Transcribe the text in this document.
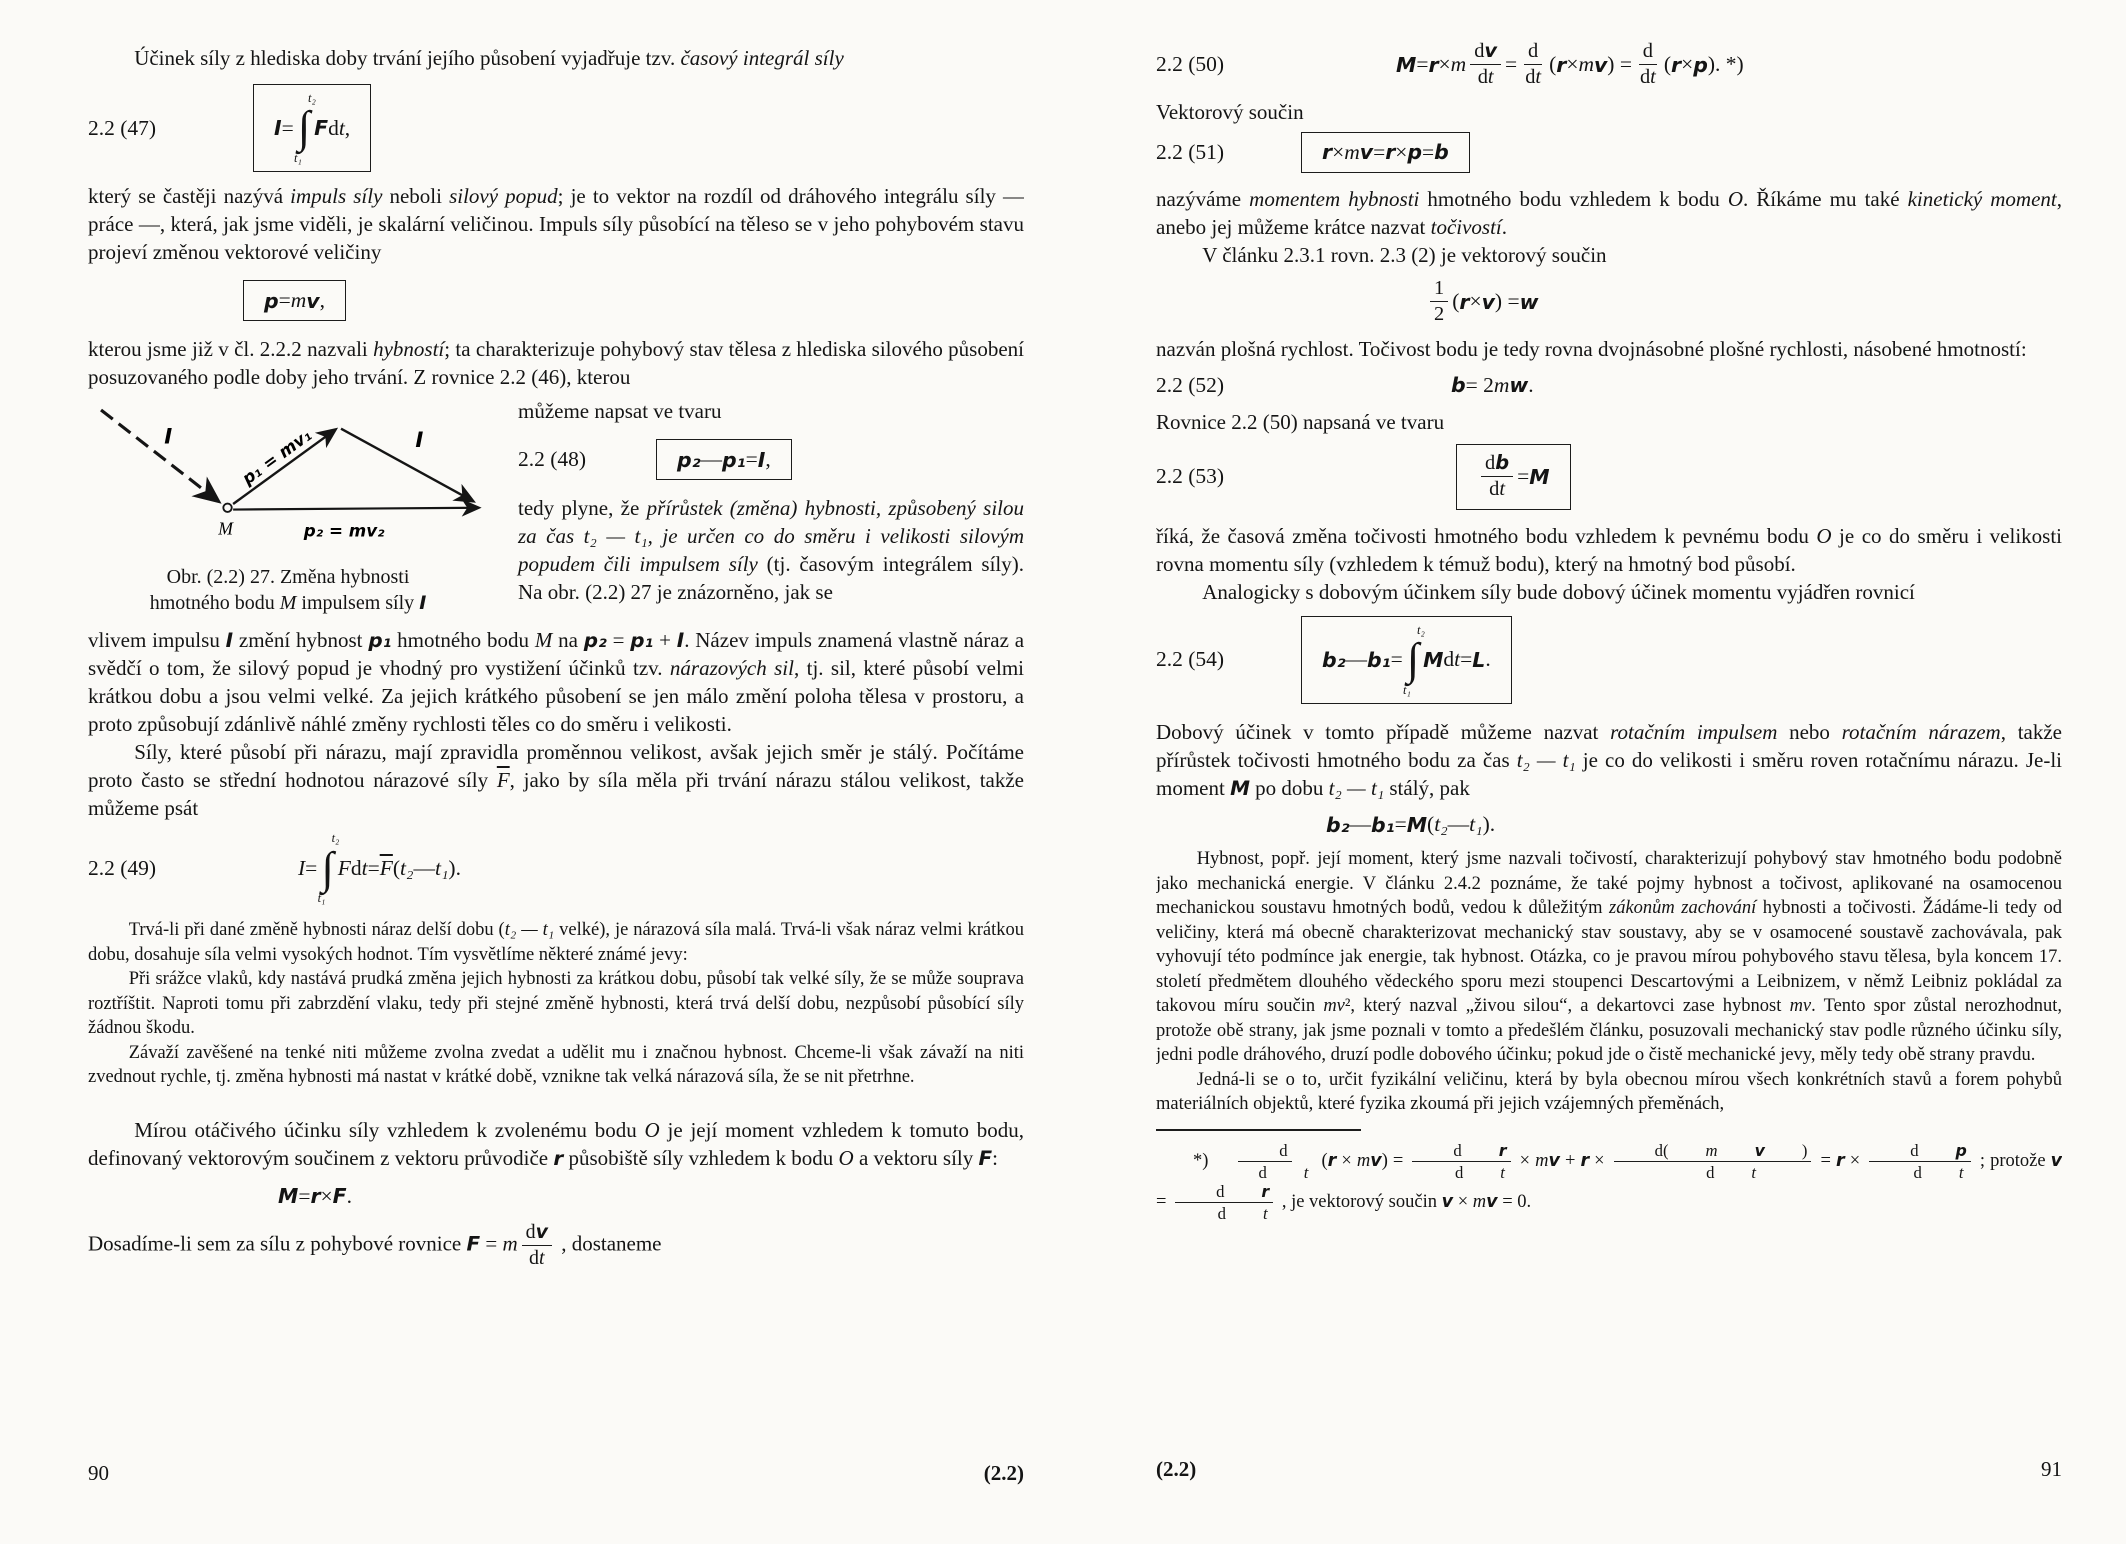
Účinek síly z hlediska doby trvání jejího působení vyjadřuje tzv. časový integrál síly

2.2 (47)	I =
t₂
∫
t₁
F d t ,

který se častěji nazývá impuls síly neboli silový popud; je to vektor na rozdíl od dráhového integrálu síly — práce —, která, jak jsme viděli, je skalární veličinou. Impuls síly působící na těleso se v jeho pohybovém stavu projeví změnou vektorové veličiny

p = m v ,

kterou jsme již v čl. 2.2.2 nazvali hybností; ta charakterizuje pohybový stav tělesa z hlediska silového působení posuzovaného podle doby jeho trvání. Z rovnice 2.2 (46), kterou

I	p₁ = mv₁	I
M	p₂ = mv₂
Obr. (2.2) 27. Změna hybnosti
hmotného bodu M impulsem síly I

můžeme napsat ve tvaru

2.2 (48)	p₂ — p₁ = I ,

tedy plyne, že přírůstek (změna) hybnosti, způsobený silou za čas t₂ — t₁, je určen co do směru i velikosti silovým popudem čili impulsem síly (tj. časovým integrálem síly). Na obr. (2.2) 27 je znázorněno, jak se

vlivem impulsu I změní hybnost p₁ hmotného bodu M na p₂ = p₁ + I. Název impuls znamená vlastně náraz a svědčí o tom, že silový popud je vhodný pro vystižení účinků tzv. nárazových sil, tj. sil, které působí velmi krátkou dobu a jsou velmi velké. Za jejich krátkého působení se jen málo změní poloha tělesa v prostoru, a proto způsobují zdánlivě náhlé změny rychlosti těles co do směru i velikosti.

Síly, které působí při nárazu, mají zpravidla proměnnou velikost, avšak jejich směr je stálý. Počítáme proto často se střední hodnotou nárazové síly $\overline{F}$, jako by síla měla při trvání nárazu stálou velikost, takže můžeme psát

2.2 (49)	I =
t₂
∫
t₁
F d $t = \overline{F}$ ( t₂ — t₁ ).

Trvá-li při dané změně hybnosti náraz delší dobu (t₂ — t₁ velké), je nárazová síla malá. Trvá-li však náraz velmi krátkou dobu, dosahuje síla velmi vysokých hodnot. Tím vysvětlíme některé známé jevy:

Při srážce vlaků, kdy nastává prudká změna jejich hybnosti za krátkou dobu, působí tak velké síly, že se může souprava roztříštit. Naproti tomu při zabrzdění vlaku, tedy při stejné změně hybnosti, která trvá delší dobu, nezpůsobí působící síly žádnou škodu.

Závaží zavěšené na tenké niti můžeme zvolna zvedat a udělit mu i značnou hybnost. Chceme-li však závaží na niti zvednout rychle, tj. změna hybnosti má nastat v krátké době, vznikne tak velká nárazová síla, že se nit přetrhne.

Mírou otáčivého účinku síly vzhledem k zvolenému bodu O je její moment vzhledem k tomuto bodu, definovaný vektorovým součinem z vektoru průvodiče r působiště síly vzhledem k bodu O a vektoru síly F:

M = r × F .

Dosadíme-li sem za sílu z pohybové rovnice F = m $\frac{\text{d v}}{\text{d t}}$ , dostaneme

90	(2.2)
2.2 (50)	M = r × m $\frac{\text{d v}}{\text{d t}} = \frac{d}{\text{d t}}$ ( r × m v ) = $\frac{d}{\text{d t}}$ ( r × p ). *)

Vektorový součin

2.2 (51)	r × m v = r × p = b

nazýváme momentem hybnosti hmotného bodu vzhledem k bodu O. Říkáme mu také kinetický moment, anebo jej můžeme krátce nazvat točivostí.

V článku 2.3.1 rovn. 2.3 (2) je vektorový součin

$\frac{1}{2}$ ( r × v ) = w

nazván plošná rychlost. Točivost bodu je tedy rovna dvojnásobné plošné rychlosti, násobené hmotností:

2.2 (52)	b = 2 m w .

Rovnice 2.2 (50) napsaná ve tvaru

2.2 (53)	$\frac{\text{d b}}{\text{d t}} = M$

říká, že časová změna točivosti hmotného bodu vzhledem k pevnému bodu O je co do směru i velikosti rovna momentu síly (vzhledem k témuž bodu), který na hmotný bod působí.

Analogicky s dobovým účinkem síly bude dobový účinek momentu vyjádřen rovnicí

2.2 (54)	b₂ — b₁ =
t₂
∫
t₁
M d t = L .

Dobový účinek v tomto případě můžeme nazvat rotačním impulsem nebo rotačním nárazem, takže přírůstek točivosti hmotného bodu za čas t₂ — t₁ je co do velikosti i směru roven rotačnímu nárazu. Je-li moment M po dobu t₂ — t₁ stálý, pak

b₂ — b₁ = M ( t₂ — t₁ ).

Hybnost, popř. její moment, který jsme nazvali točivostí, charakterizují pohybový stav hmotného bodu podobně jako mechanická energie. V článku 2.4.2 poznáme, že také pojmy hybnost a točivost, aplikované na osamocenou mechanickou soustavu hmotných bodů, vedou k důležitým zákonům zachování hybnosti a točivosti. Žádáme-li tedy od veličiny, která má obecně charakterizovat mechanický stav soustavy, aby se v osamocené soustavě zachovávala, pak vyhovují této podmínce jak energie, tak hybnost. Otázka, co je pravou mírou pohybového stavu tělesa, byla koncem 17. století předmětem dlouhého vědeckého sporu mezi stoupenci Descartovými a Leibnizem, v němž Leibniz pokládal za takovou míru součin mv², který nazval „živou silou“, a dekartovci zase hybnost mv. Tento spor zůstal nerozhodnut, protože obě strany, jak jsme poznali v tomto a předešlém článku, posuzovali mechanický stav podle různého účinku síly, jedni podle dráhového, druzí podle dobového účinku; pokud jde o čistě mechanické jevy, měly tedy obě strany pravdu.

Jedná-li se o to, určit fyzikální veličinu, která by byla obecnou mírou všech konkrétních stavů a forem pohybů materiálních objektů, které fyzika zkoumá při jejich vzájemných přeměnách,

*) d
d	t (r × mv) = d	r
d	t × mv + r × d(	m	v	)
d	t = r × d	p
d	t ; protože v = d	r
d	t , je vektorový součin v × mv = 0.

(2.2)	91
